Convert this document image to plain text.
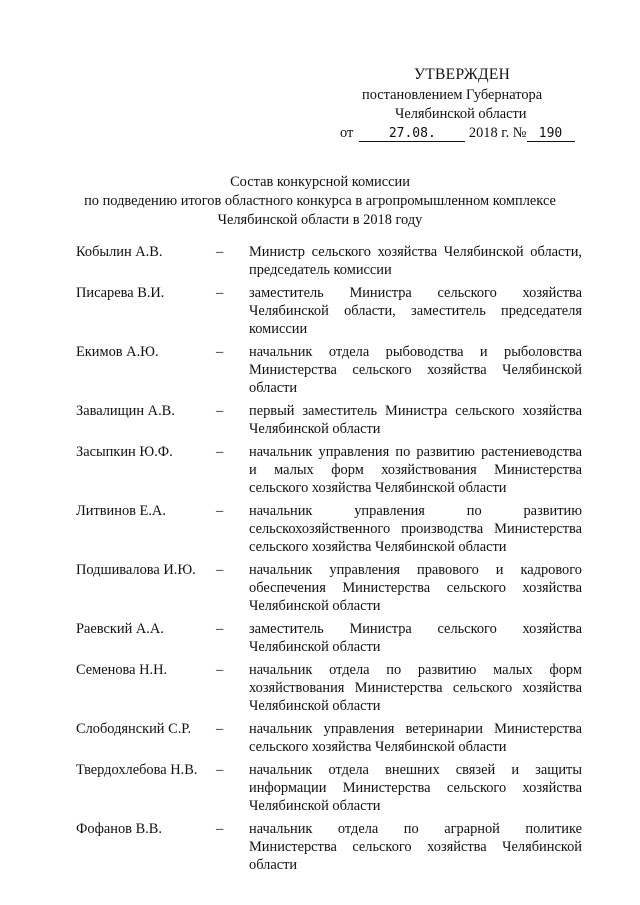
УТВЕРЖДЕН
постановлением Губернатора
Челябинской области
от	27.08. 2018 г. № 190
Состав конкурсной комиссии
по подведению итогов областного конкурса в агропромышленном комплексе
Челябинской области в 2018 году
Кобылин А.В.	– Министр сельского хозяйства Челябинской области, председатель комиссии
Писарева В.И.	– заместитель Министра сельского хозяйства Челябинской области, заместитель председателя комиссии
Екимов А.Ю.	– начальник отдела рыбоводства и рыболовства Министерства сельского хозяйства Челябинской области
Завалищин А.В.	– первый заместитель Министра сельского хозяйства Челябинской области
Засыпкин Ю.Ф.	– начальник управления по развитию растениеводства и малых форм хозяйствования Министерства сельского хозяйства Челябинской области
Литвинов Е.А.	– начальник управления по развитию сельскохозяйственного производства Министерства сельского хозяйства Челябинской области
Подшивалова И.Ю. – начальник управления правового и кадрового обеспечения Министерства сельского хозяйства Челябинской области
Раевский А.А.	– заместитель Министра сельского хозяйства Челябинской области
Семенова Н.Н.	– начальник отдела по развитию малых форм хозяйствования Министерства сельского хозяйства Челябинской области
Слободянский С.Р. – начальник управления ветеринарии Министерства сельского хозяйства Челябинской области
Твердохлебова Н.В. – начальник отдела внешних связей и защиты информации Министерства сельского хозяйства Челябинской области
Фофанов В.В.	– начальник отдела по аграрной политике Министерства сельского хозяйства Челябинской области
